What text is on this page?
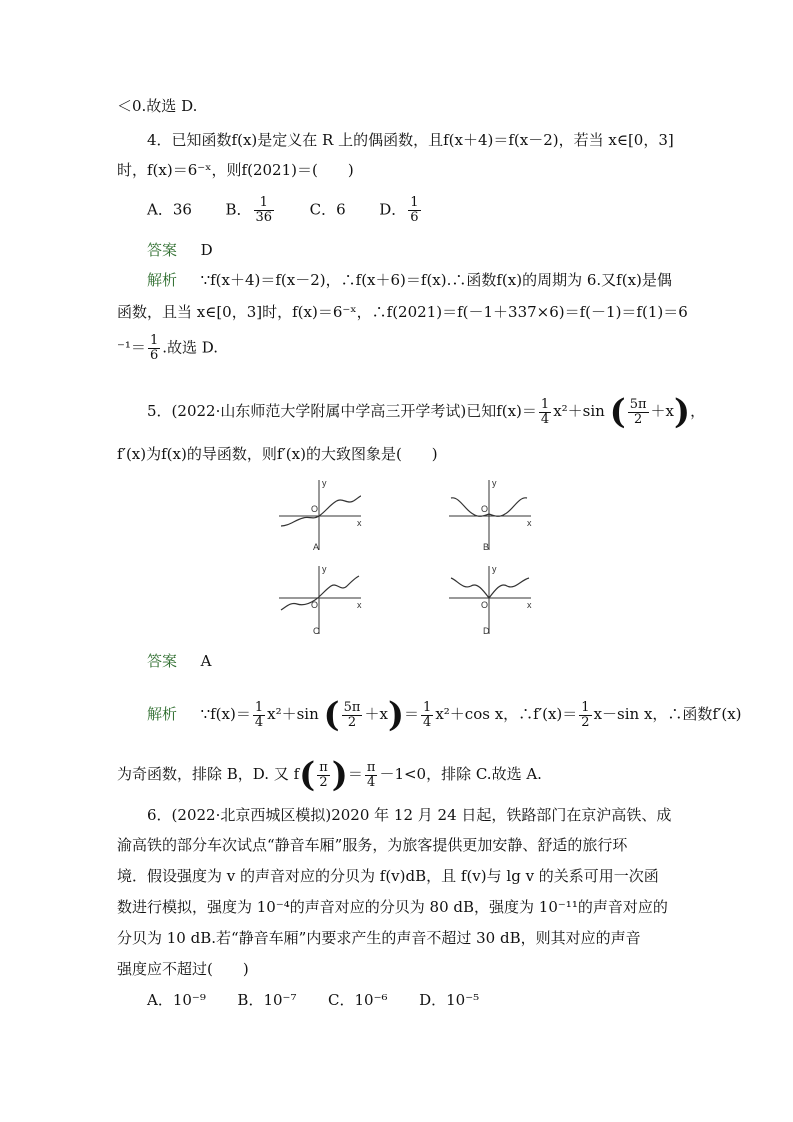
＜0.故选 D.
4．已知函数f(x)是定义在 R 上的偶函数，且f(x＋4)＝f(x－2)，若当 x∈[0，3]
时，f(x)＝6⁻ˣ，则f(2021)＝(　　)
A．36 B． $\frac{1}{36}$ C．6 D． $\frac{1}{6}$
答案 D
解析 ∵f(x＋4)＝f(x－2)，∴f(x＋6)＝f(x).∴函数f(x)的周期为 6.又f(x)是偶
函数，且当 x∈[0，3]时，f(x)＝6⁻ˣ，∴f(2021)＝f(－1＋337×6)＝f(－1)＝f(1)＝6
$^{-1}= \frac{1}{6}$ .故选 D.
5．(2022·山东师范大学附属中学高三开学考试)已知$f(x)= \frac{1}{4} x^2+\sin$ ( $\frac{5\pi}{2} +x$)，
f′(x)为f(x)的导函数，则f′(x)的大致图象是(　　)
x
y
O
A
x
y
O
B
x
y
O
C
x
y
O
D
答案 A
解析 ∵f(x)＝ $\frac{1}{4} x^2+\sin$ ( $\frac{5\pi}{2} +x)= \frac{1}{4} x^2+\cos$ x，∴f′(x)＝ $\frac{1}{2} x-\sin$ x，∴函数f′(x)
为奇函数，排除 B，D. 又 $f( \frac{\pi}{2}$ )＝ $\frac{\pi}{4} -1<0$，排除 C.故选 A.
6．(2022·北京西城区模拟)2020 年 12 月 24 日起，铁路部门在京沪高铁、成
渝高铁的部分车次试点“静音车厢”服务，为旅客提供更加安静、舒适的旅行环
境．假设强度为 v 的声音对应的分贝为 f(v)dB，且 f(v)与 lg v 的关系可用一次函
数进行模拟，强度为 10⁻⁴的声音对应的分贝为 80 dB，强度为 10⁻¹¹的声音对应的
分贝为 10 dB.若“静音车厢”内要求产生的声音不超过 30 dB，则其对应的声音
强度应不超过(　　)
A．10⁻⁹ B．10⁻⁷ C．10⁻⁶ D．10⁻⁵
